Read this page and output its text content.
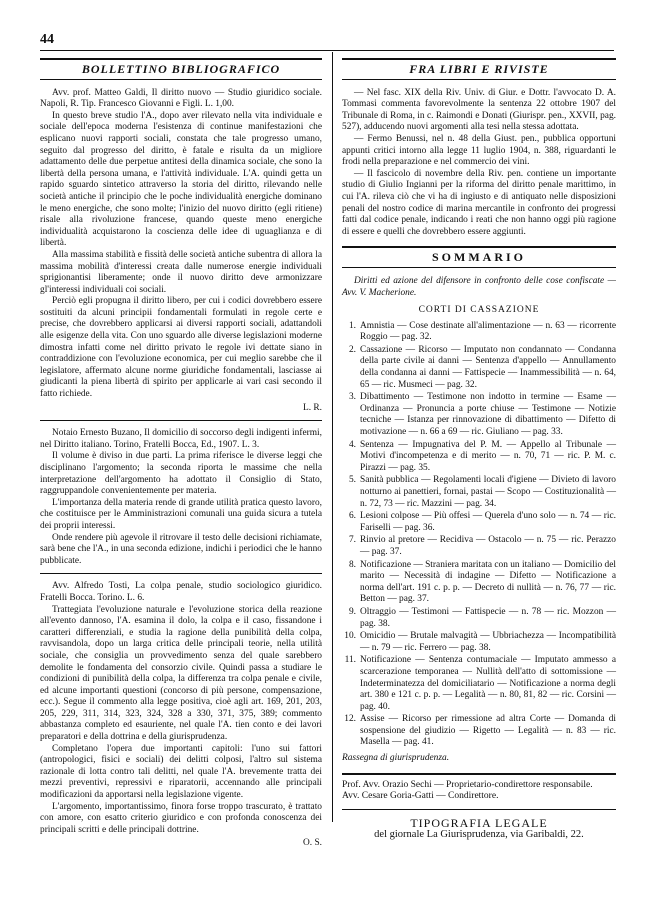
44
BOLLETTINO BIBLIOGRAFICO

Avv. prof. Matteo Galdi, Il diritto nuovo — Studio giuridico sociale. Napoli, R. Tip. Francesco Giovanni e Figli. L. 1,00.

In questo breve studio l'A., dopo aver rilevato nella vita individuale e sociale dell'epoca moderna l'esistenza di continue manifestazioni che esplicano nuovi rapporti sociali, constata che tale progresso umano, seguito dal progresso del diritto, è fatale e risulta da un migliore adattamento delle due perpetue antitesi della dinamica sociale, che sono la libertà della persona umana, e l'attività individuale. L'A. quindi getta un rapido sguardo sintetico attraverso la storia del diritto, rilevando nelle società antiche il principio che le poche individualità energiche dominano le meno energiche, che sono molte; l'inizio del nuovo diritto (egli ritiene) risale alla rivoluzione francese, quando queste meno energiche individualità acquistarono la coscienza delle idee di uguaglianza e di libertà.

Alla massima stabilità e fissità delle società antiche subentra di allora la massima mobilità d'interessi creata dalle numerose energie individuali sprigionantisi liberamente; onde il nuovo diritto deve armonizzare gl'interessi individuali coi sociali.

Perciò egli propugna il diritto libero, per cui i codici dovrebbero essere sostituiti da alcuni principii fondamentali formulati in regole certe e precise, che dovrebbero applicarsi ai diversi rapporti sociali, adattandoli alle esigenze della vita. Con uno sguardo alle diverse legislazioni moderne dimostra infatti come nel diritto privato le regole ivi dettate siano in contraddizione con l'evoluzione economica, per cui meglio sarebbe che il legislatore, affermato alcune norme giuridiche fondamentali, lasciasse ai giudicanti la piena libertà di spirito per applicarle ai vari casi secondo il fatto richiede.

L. R.

Notaio Ernesto Buzano, Il domicilio di soccorso degli indigenti infermi, nel Diritto italiano. Torino, Fratelli Bocca, Ed., 1907. L. 3.

Il volume è diviso in due parti. La prima riferisce le diverse leggi che disciplinano l'argomento; la seconda riporta le massime che nella interpretazione dell'argomento ha adottato il Consiglio di Stato, raggruppandole convenientemente per materia.

L'importanza della materia rende di grande utilità pratica questo lavoro, che costituisce per le Amministrazioni comunali una guida sicura a tutela dei proprii interessi.

Onde rendere più agevole il ritrovare il testo delle decisioni richiamate, sarà bene che l'A., in una seconda edizione, indichi i periodici che le hanno pubblicate.

Avv. Alfredo Tosti, La colpa penale, studio sociologico giuridico. Fratelli Bocca. Torino. L. 6.

Trattegiata l'evoluzione naturale e l'evoluzione storica della reazione all'evento dannoso, l'A. esamina il dolo, la colpa e il caso, fissandone i caratteri differenziali, e studia la ragione della punibilità della colpa, ravvisandola, dopo un larga critica delle principali teorie, nella utilità sociale, che consiglia un provvedimento senza del quale sarebbero demolite le fondamenta del consorzio civile. Quindi passa a studiare le condizioni di punibilità della colpa, la differenza tra colpa penale e civile, ed alcune importanti questioni (concorso di più persone, compensazione, ecc.). Segue il commento alla legge positiva, cioè agli art. 169, 201, 203, 205, 229, 311, 314, 323, 324, 328 a 330, 371, 375, 389; commento abbastanza completo ed esauriente, nel quale l'A. tien conto e dei lavori preparatori e della dottrina e della giurisprudenza.

Completano l'opera due importanti capitoli: l'uno sui fattori (antropologici, fisici e sociali) dei delitti colposi, l'altro sul sistema razionale di lotta contro tali delitti, nel quale l'A. brevemente tratta dei mezzi preventivi, repressivi e riparatorii, accennando alle principali modificazioni da apportarsi nella legislazione vigente.

L'argomento, importantissimo, finora forse troppo trascurato, è trattato con amore, con esatto criterio giuridico e con profonda conoscenza dei principali scritti e delle principali dottrine.

O. S.
FRA LIBRI E RIVISTE

— Nel fasc. XIX della Riv. Univ. di Giur. e Dottr. l'avvocato D. A. Tommasi commenta favorevolmente la sentenza 22 ottobre 1907 del Tribunale di Roma, in c. Raimondi e Donati (Giurispr. pen., XXVII, pag. 527), adducendo nuovi argomenti alla tesi nella stessa adottata.

— Fermo Benussi, nel n. 48 della Giust. pen., pubblica opportuni appunti critici intorno alla legge 11 luglio 1904, n. 388, riguardanti le frodi nella preparazione e nel commercio dei vini.

— Il fascicolo di novembre della Riv. pen. contiene un importante studio di Giulio Ingianni per la riforma del diritto penale marittimo, in cui l'A. rileva ciò che vi ha di ingiusto e di antiquato nelle disposizioni penali del nostro codice di marina mercantile in confronto dei progressi fatti dal codice penale, indicando i reati che non hanno oggi più ragione di essere e quelli che dovrebbero essere aggiunti.

SOMMARIO

Diritti ed azione del difensore in confronto delle cose confiscate — Avv. V. Macherione.

CORTI DI CASSAZIONE
1. Amnistia — Cose destinate all'alimentazione — n. 63 — ricorrente Roggio — pag. 32.
2. Cassazione — Ricorso — Imputato non condannato — Condanna della parte civile ai danni — Sentenza d'appello — Annullamento della condanna ai danni — Fattispecie — Inammessibilità — n. 64, 65 — ric. Musmeci — pag. 32.
3. Dibattimento — Testimone non indotto in termine — Esame — Ordinanza — Pronuncia a porte chiuse — Testimone — Notizie tecniche — Istanza per rinnovazione di dibattimento — Difetto di motivazione — n. 66 a 69 — ric. Giuliano — pag. 33.
4. Sentenza — Impugnativa del P. M. — Appello al Tribunale — Motivi d'incompetenza e di merito — n. 70, 71 — ric. P. M. c. Pirazzi — pag. 35.
5. Sanità pubblica — Regolamenti locali d'igiene — Divieto di lavoro notturno ai panettieri, fornai, pastai — Scopo — Costituzionalità — n. 72, 73 — ric. Mazzini — pag. 34.
6. Lesioni colpose — Più offesi — Querela d'uno solo — n. 74 — ric. Fariselli — pag. 36.
7. Rinvio al pretore — Recidiva — Ostacolo — n. 75 — ric. Perazzo — pag. 37.
8. Notificazione — Straniera maritata con un italiano — Domicilio del marito — Necessità di indagine — Difetto — Notificazione a norma dell'art. 191 c. p. p. — Decreto di nullità — n. 76, 77 — ric. Betton — pag. 37.
9. Oltraggio — Testimoni — Fattispecie — n. 78 — ric. Mozzon — pag. 38.
10. Omicidio — Brutale malvagità — Ubbriachezza — Incompatibilità — n. 79 — ric. Ferrero — pag. 38.
11. Notificazione — Sentenza contumaciale — Imputato ammesso a scarcerazione temporanea — Nullità dell'atto di sottomissione — Indeterminatezza del domiciliatario — Notificazione a norma degli art. 380 e 121 c. p. p. — Legalità — n. 80, 81, 82 — ric. Corsini — pag. 40.
12. Assise — Ricorso per rimessione ad altra Corte — Domanda di sospensione del giudizio — Rigetto — Legalità — n. 83 — ric. Masella — pag. 41.

Rassegna di giurisprudenza.

Prof. Avv. Orazio Sechi — Proprietario-condirettore responsabile.
Avv. Cesare Goria-Gatti — Condirettore.
TIPOGRAFIA LEGALE
del giornale La Giurisprudenza, via Garibaldi, 22.
